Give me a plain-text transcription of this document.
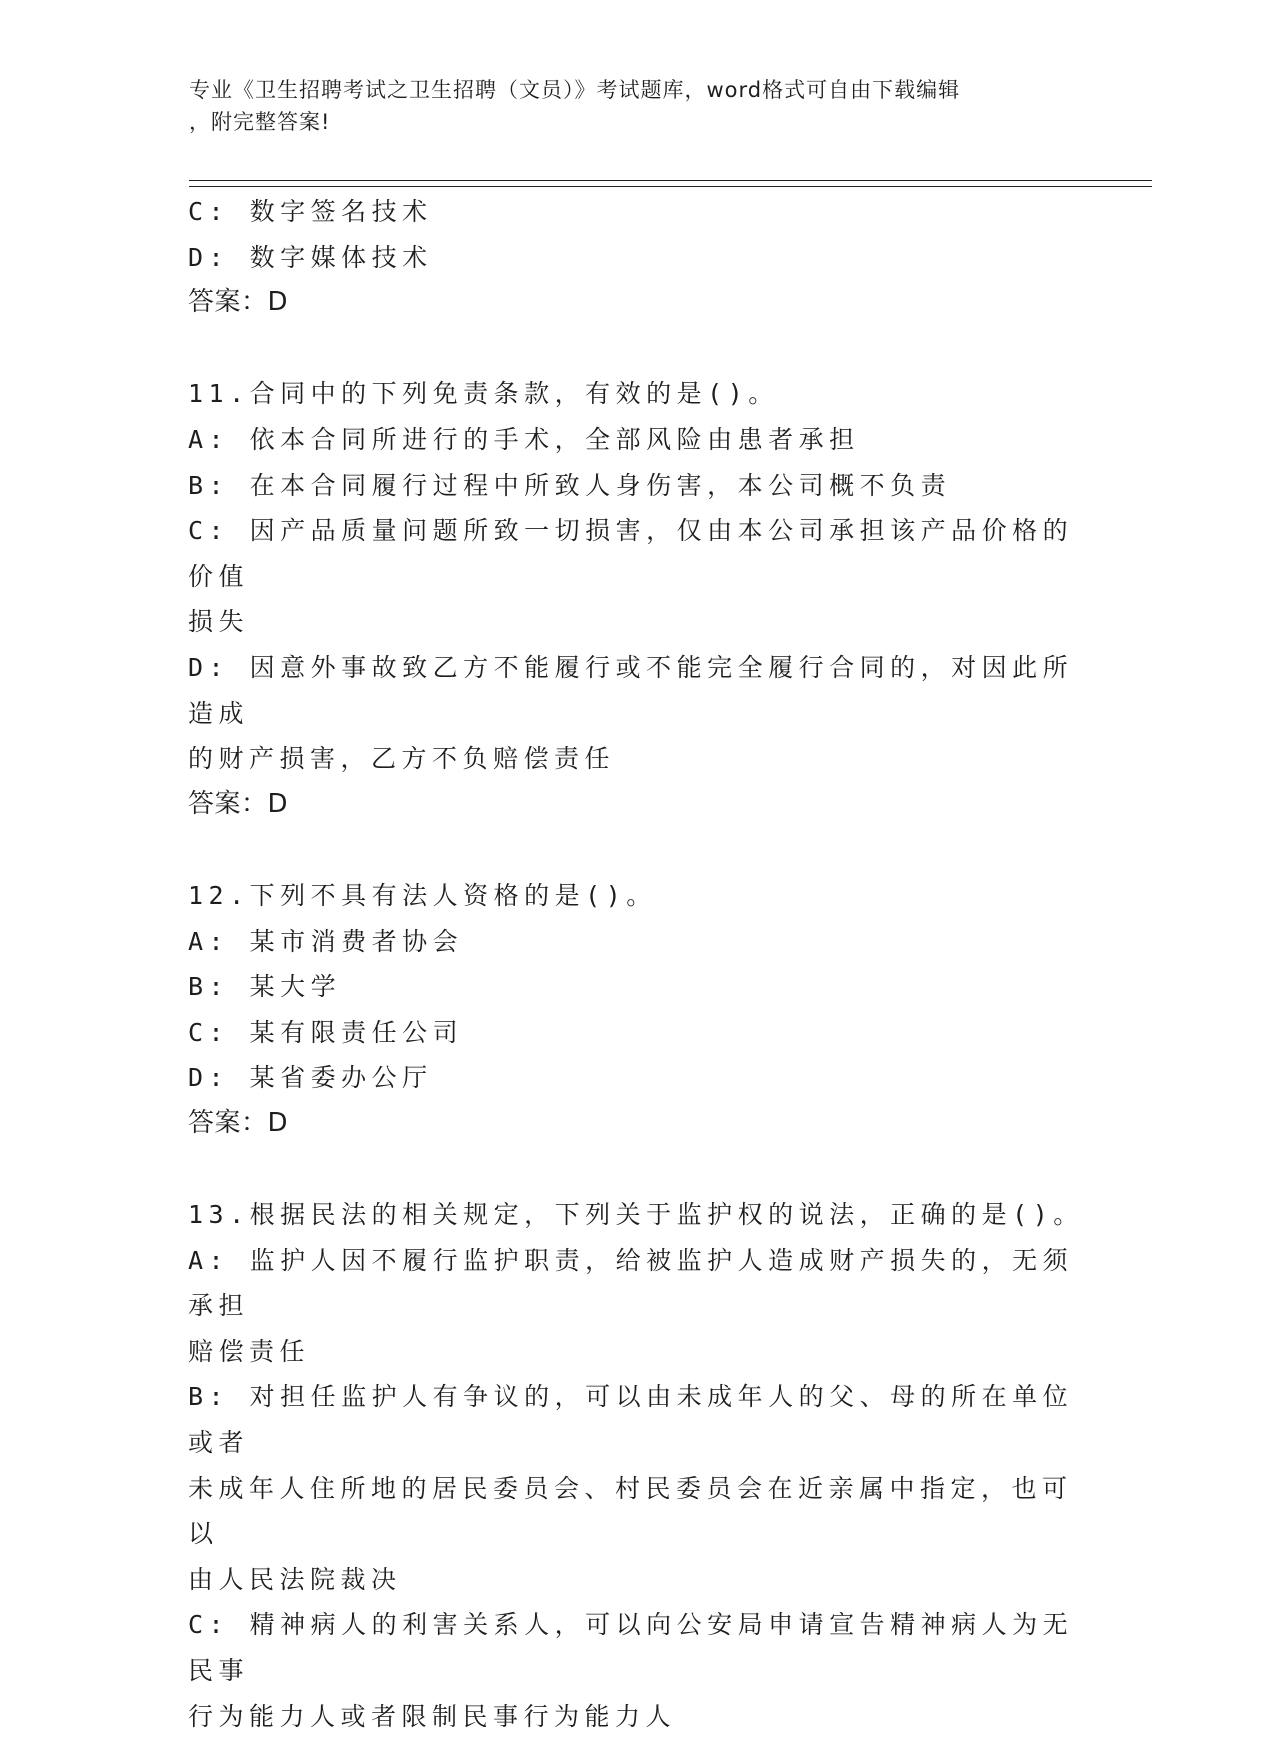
专业《卫生招聘考试之卫生招聘（文员）》考试题库，word格式可自由下载编辑
，附完整答案!
C: 数字签名技术
D: 数字媒体技术
答案：D
11.合同中的下列免责条款，有效的是()。
A: 依本合同所进行的手术，全部风险由患者承担
B: 在本合同履行过程中所致人身伤害，本公司概不负责
C: 因产品质量问题所致一切损害，仅由本公司承担该产品价格的价值
损失
D: 因意外事故致乙方不能履行或不能完全履行合同的，对因此所造成
的财产损害，乙方不负赔偿责任
答案：D
12.下列不具有法人资格的是()。
A: 某市消费者协会
B: 某大学
C: 某有限责任公司
D: 某省委办公厅
答案：D
13.根据民法的相关规定，下列关于监护权的说法，正确的是()。
A: 监护人因不履行监护职责，给被监护人造成财产损失的，无须承担
赔偿责任
B: 对担任监护人有争议的，可以由未成年人的父、母的所在单位或者
未成年人住所地的居民委员会、村民委员会在近亲属中指定，也可以
由人民法院裁决
C: 精神病人的利害关系人，可以向公安局申请宣告精神病人为无民事
行为能力人或者限制民事行为能力人
